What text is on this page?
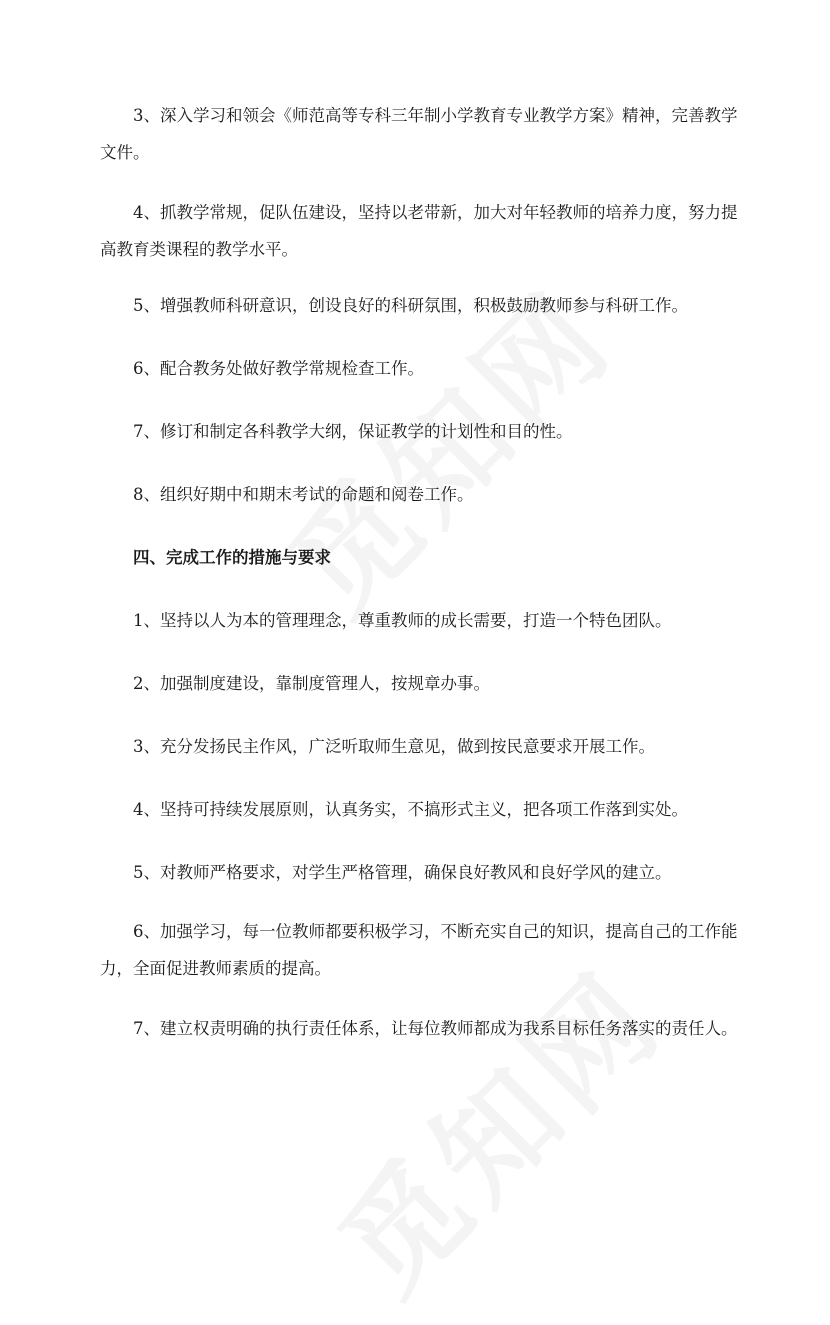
3、深入学习和领会《师范高等专科三年制小学教育专业教学方案》精神，完善教学文件。

4、抓教学常规，促队伍建设，坚持以老带新，加大对年轻教师的培养力度，努力提高教育类课程的教学水平。

5、增强教师科研意识，创设良好的科研氛围，积极鼓励教师参与科研工作。

6、配合教务处做好教学常规检查工作。

7、修订和制定各科教学大纲，保证教学的计划性和目的性。

8、组织好期中和期末考试的命题和阅卷工作。

四、完成工作的措施与要求

1、坚持以人为本的管理理念，尊重教师的成长需要，打造一个特色团队。

2、加强制度建设，靠制度管理人，按规章办事。

3、充分发扬民主作风，广泛听取师生意见，做到按民意要求开展工作。

4、坚持可持续发展原则，认真务实，不搞形式主义，把各项工作落到实处。

5、对教师严格要求，对学生严格管理，确保良好教风和良好学风的建立。

6、加强学习，每一位教师都要积极学习，不断充实自己的知识，提高自己的工作能力，全面促进教师素质的提高。

7、建立权责明确的执行责任体系，让每位教师都成为我系目标任务落实的责任人。
